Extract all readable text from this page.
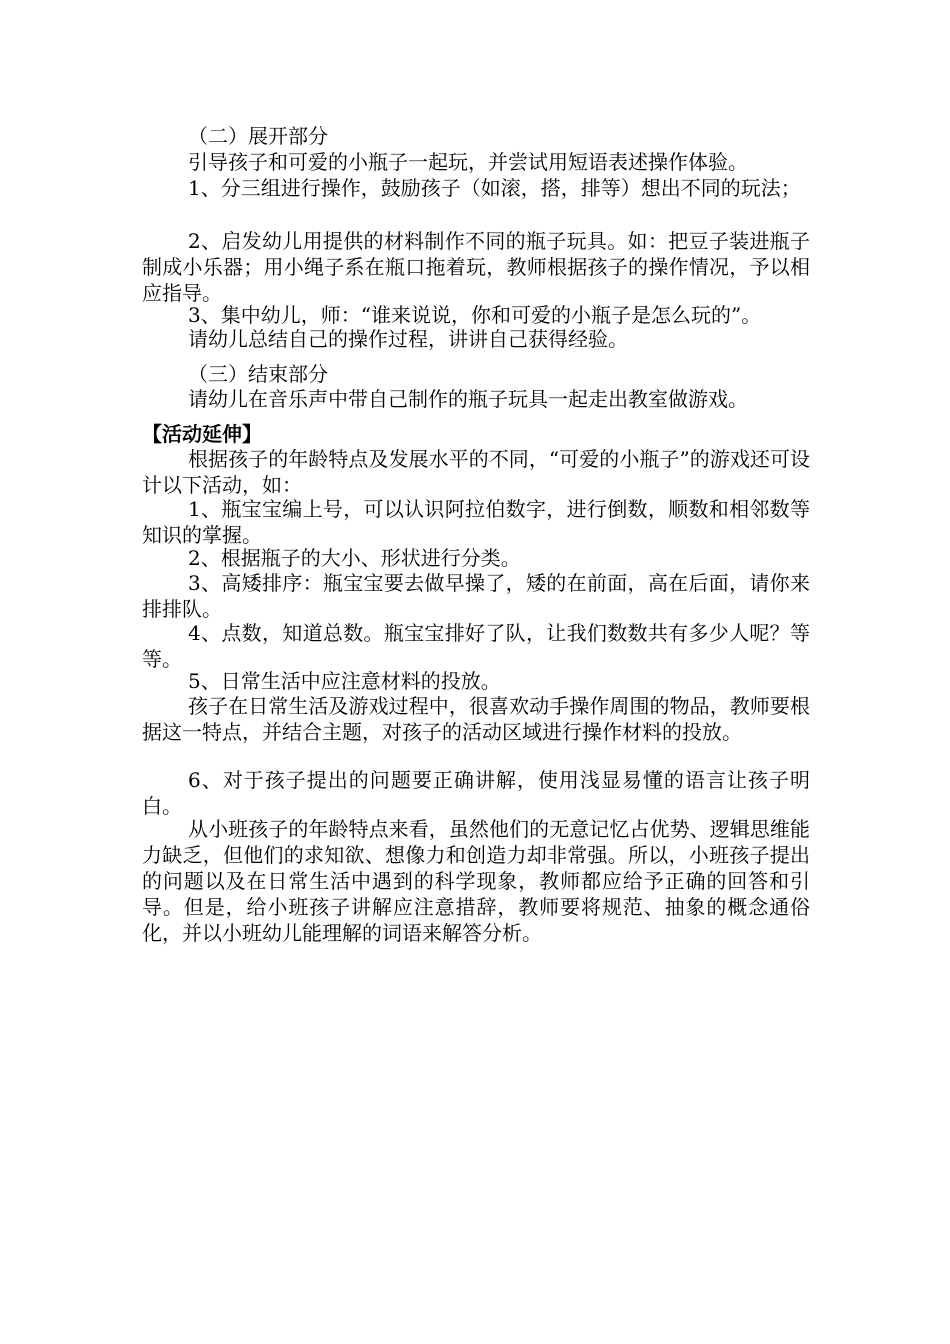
（二）展开部分

引导孩子和可爱的小瓶子一起玩，并尝试用短语表述操作体验。

1、分三组进行操作，鼓励孩子（如滚，搭，排等）想出不同的玩法；

2、启发幼儿用提供的材料制作不同的瓶子玩具。如：把豆子装进瓶子制成小乐器；用小绳子系在瓶口拖着玩，教师根据孩子的操作情况，予以相应指导。

3、集中幼儿，师：“谁来说说，你和可爱的小瓶子是怎么玩的”。

请幼儿总结自己的操作过程，讲讲自己获得经验。

（三）结束部分

请幼儿在音乐声中带自己制作的瓶子玩具一起走出教室做游戏。

【活动延伸】

根据孩子的年龄特点及发展水平的不同，“可爱的小瓶子”的游戏还可设计以下活动，如：

1、瓶宝宝编上号，可以认识阿拉伯数字，进行倒数，顺数和相邻数等知识的掌握。

2、根据瓶子的大小、形状进行分类。

3、高矮排序：瓶宝宝要去做早操了，矮的在前面，高在后面，请你来排排队。

4、点数，知道总数。瓶宝宝排好了队，让我们数数共有多少人呢？等等。

5、日常生活中应注意材料的投放。

孩子在日常生活及游戏过程中，很喜欢动手操作周围的物品，教师要根据这一特点，并结合主题，对孩子的活动区域进行操作材料的投放。

6、对于孩子提出的问题要正确讲解，使用浅显易懂的语言让孩子明白。

从小班孩子的年龄特点来看，虽然他们的无意记忆占优势、逻辑思维能力缺乏，但他们的求知欲、想像力和创造力却非常强。所以，小班孩子提出的问题以及在日常生活中遇到的科学现象，教师都应给予正确的回答和引导。但是，给小班孩子讲解应注意措辞，教师要将规范、抽象的概念通俗化，并以小班幼儿能理解的词语来解答分析。
